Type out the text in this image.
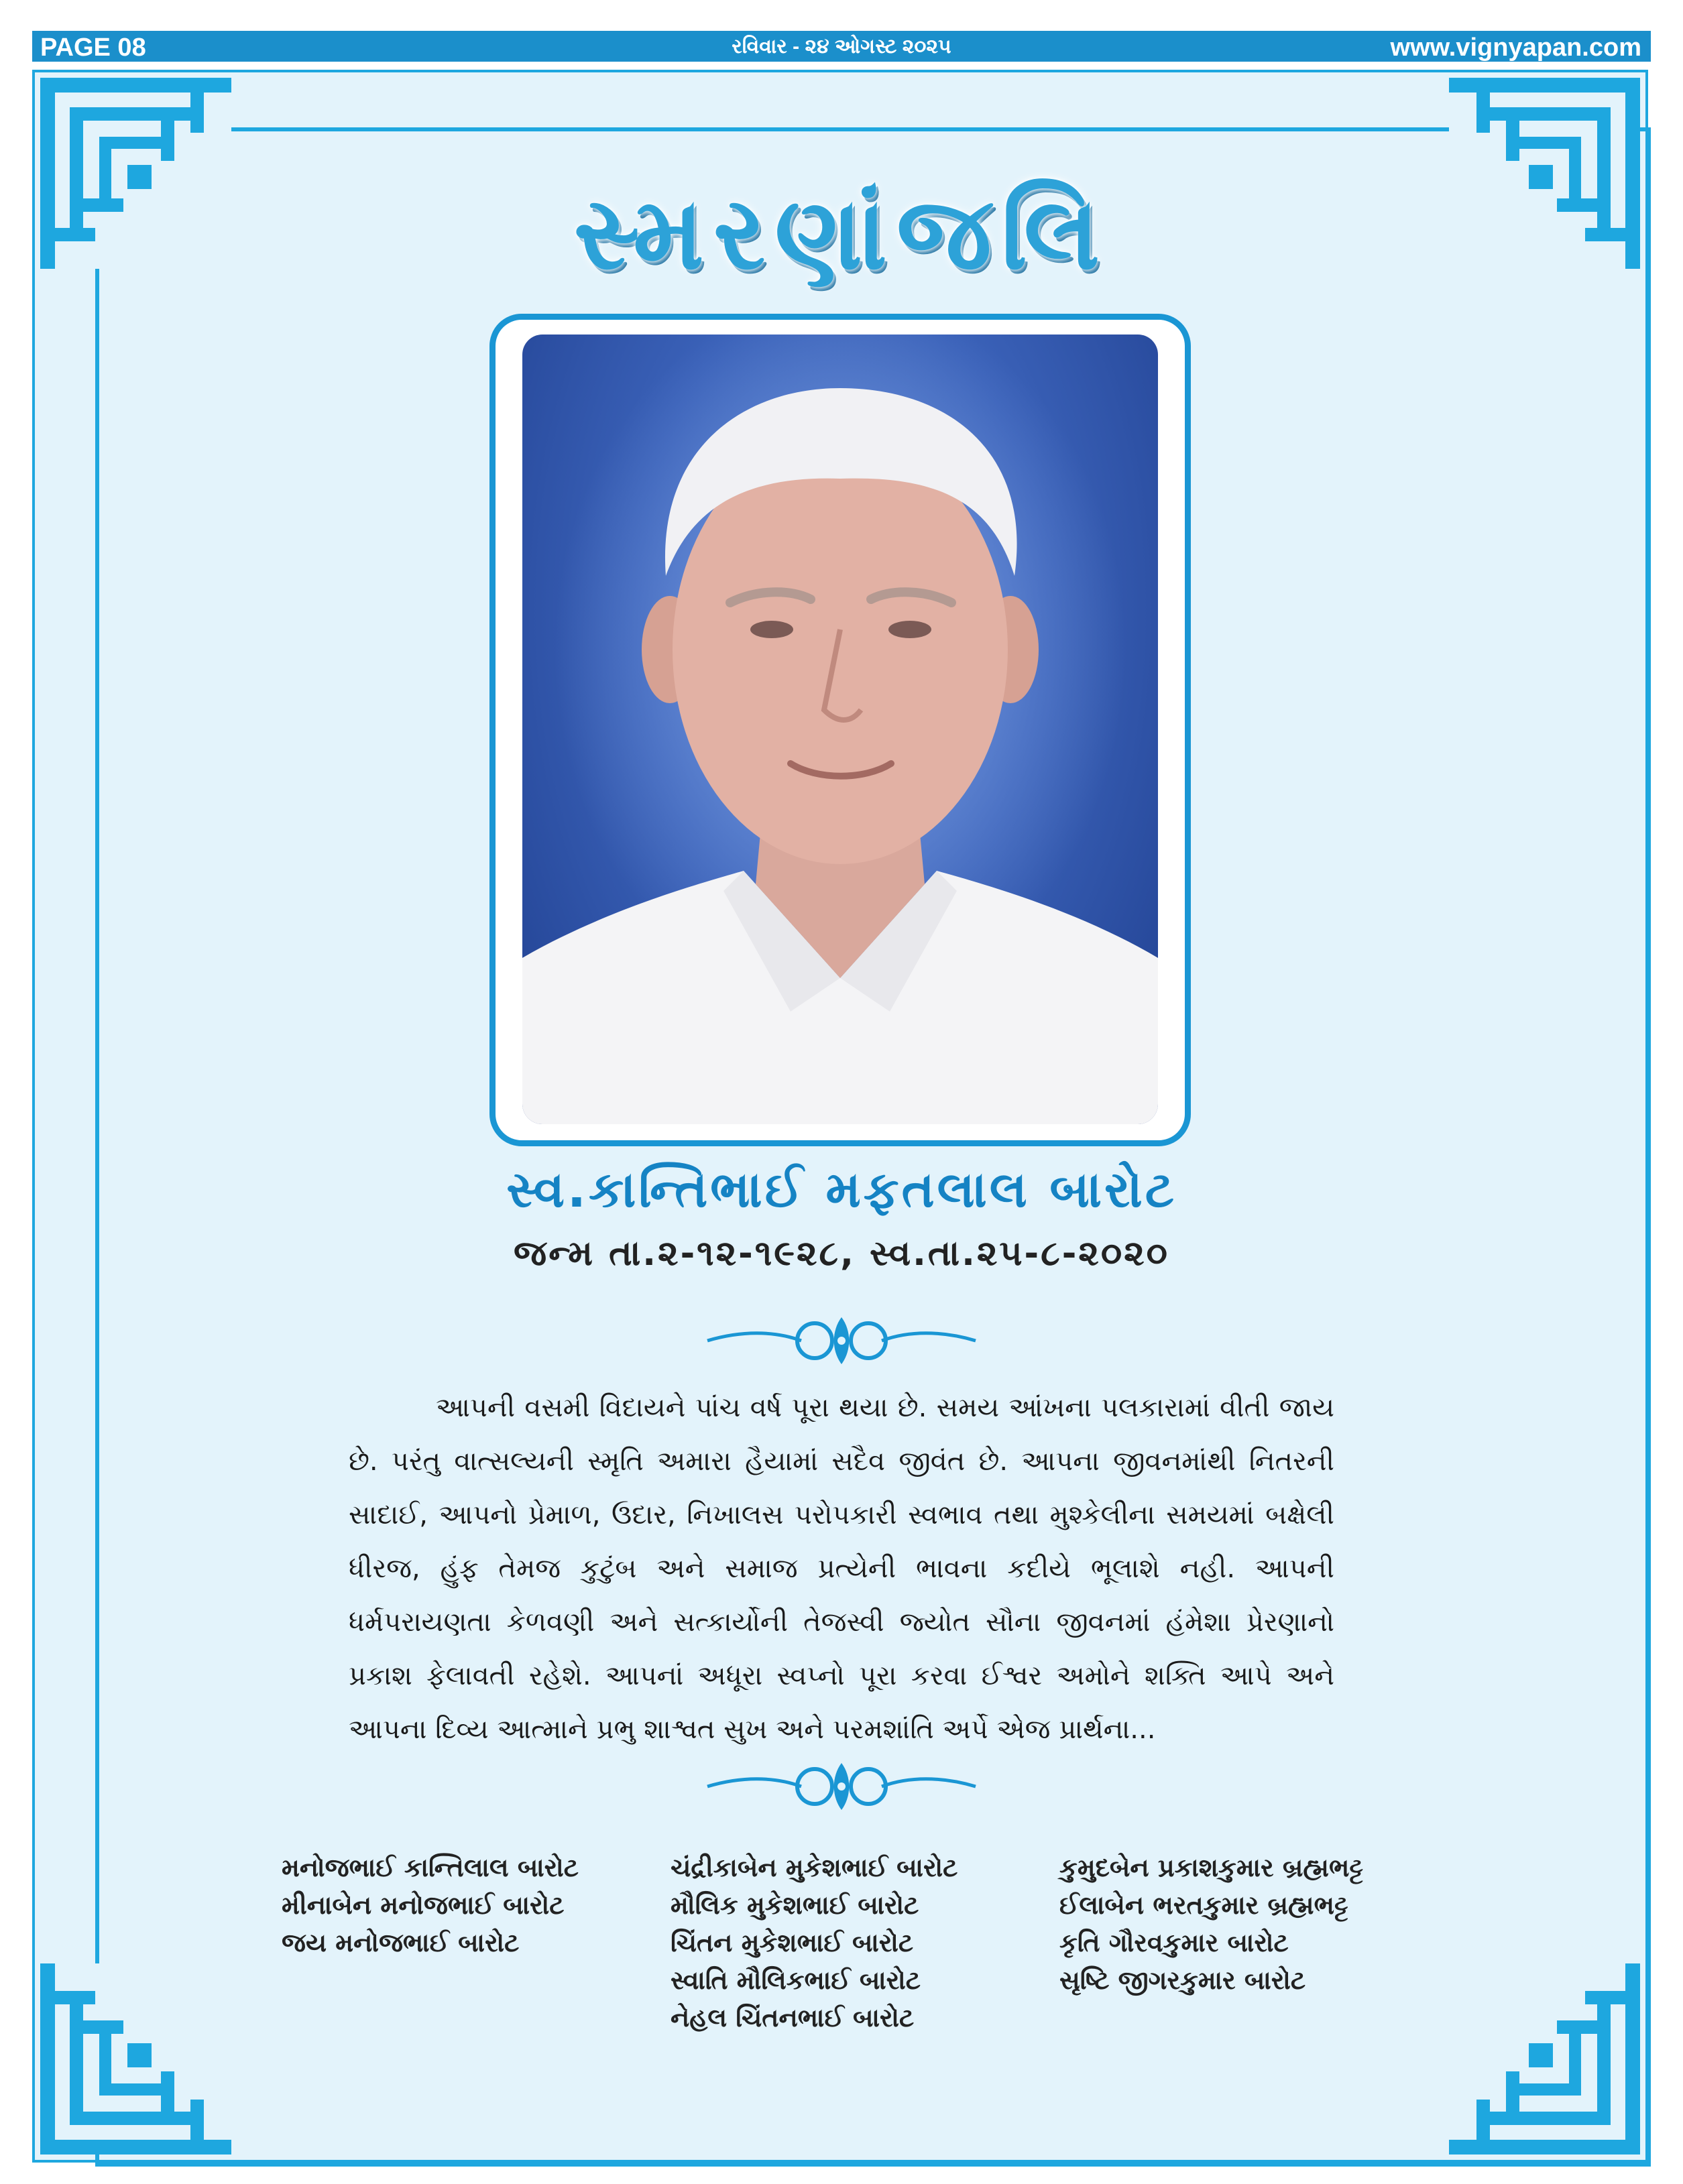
PAGE 08	રવિવાર - ૨૪ ઓગસ્ટ ૨૦૨૫	www.vignyapan.com
સ્મરણાંજલિ
સ્વ.કાન્તિભાઈ મફતલાલ બારોટ
જન્મ તા.૨-૧૨-૧૯૨૮, સ્વ.તા.૨૫-૮-૨૦૨૦
આપની વસમી વિદાયને પાંચ વર્ષ પૂરા થયા છે. સમય આંખના પલકારામાં વીતી જાય છે. પરંતુ વાત્સલ્યની સ્મૃતિ અમારા હૈયામાં સદૈવ જીવંત છે. આપના જીવનમાંથી નિતરની સાદાઈ, આપનો પ્રેમાળ, ઉદાર, નિખાલસ પરોપકારી સ્વભાવ તથા મુશ્કેલીના સમયમાં બક્ષેલી ધીરજ, હુંફ તેમજ કુટુંબ અને સમાજ પ્રત્યેની ભાવના કદીયે ભૂલાશે નહી. આપની ધર્મપરાયણતા કેળવણી અને સત્કાર્યોની તેજસ્વી જ્યોત સૌના જીવનમાં હંમેશા પ્રેરણાનો પ્રકાશ ફેલાવતી રહેશે. આપનાં અધૂરા સ્વપ્નો પૂરા કરવા ઈશ્વર અમોને શક્તિ આપે અને આપના દિવ્ય આત્માને પ્રભુ શાશ્વત સુખ અને પરમશાંતિ અર્પે એજ પ્રાર્થના...
મનોજભાઈ કાન્તિલાલ બારોટ
મીનાબેન મનોજભાઈ બારોટ
જય મનોજભાઈ બારોટ
ચંદ્રીકાબેન મુકેશભાઈ બારોટ
મૌલિક મુકેશભાઈ બારોટ
ચિંતન મુકેશભાઈ બારોટ
સ્વાતિ મૌલિકભાઈ બારોટ
નેહલ ચિંતનભાઈ બારોટ
કુમુદબેન પ્રકાશકુમાર બ્રહ્મભટ્ટ
ઈલાબેન ભરતકુમાર બ્રહ્મભટ્ટ
કૃતિ ગૌરવકુમાર બારોટ
સૃષ્ટિ જીગરકુમાર બારોટ
